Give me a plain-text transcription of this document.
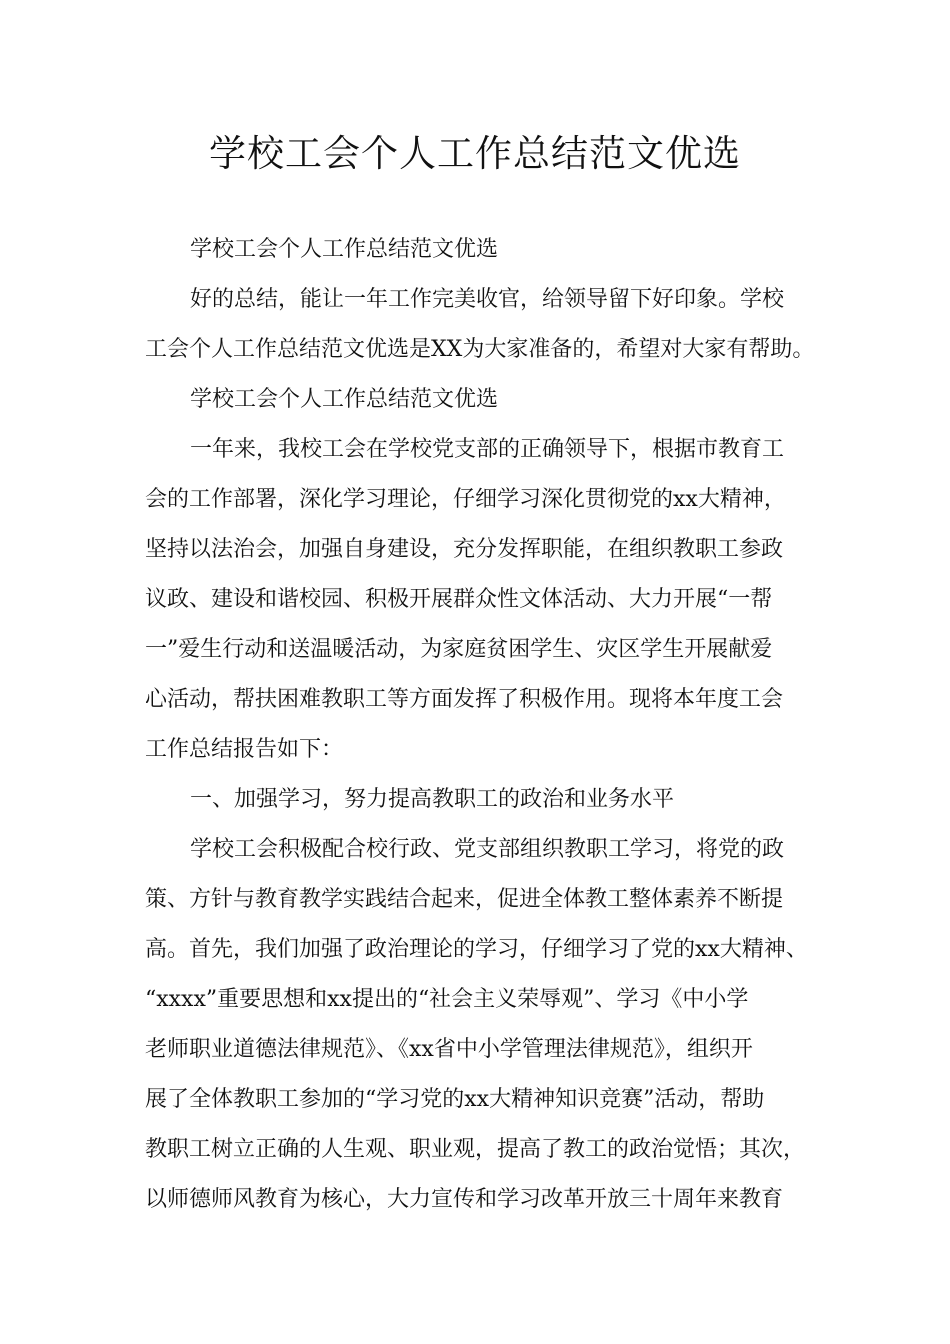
学校工会个人工作总结范文优选
学校工会个人工作总结范文优选
好的总结，能让一年工作完美收官，给领导留下好印象。学校
工会个人工作总结范文优选是XX为大家准备的，希望对大家有帮助。
学校工会个人工作总结范文优选
一年来，我校工会在学校党支部的正确领导下，根据市教育工
会的工作部署，深化学习理论，仔细学习深化贯彻党的xx大精神，
坚持以法治会，加强自身建设，充分发挥职能，在组织教职工参政
议政、建设和谐校园、积极开展群众性文体活动、大力开展“一帮
一”爱生行动和送温暖活动，为家庭贫困学生、灾区学生开展献爱
心活动，帮扶困难教职工等方面发挥了积极作用。现将本年度工会
工作总结报告如下：
一、加强学习，努力提高教职工的政治和业务水平
学校工会积极配合校行政、党支部组织教职工学习，将党的政
策、方针与教育教学实践结合起来，促进全体教工整体素养不断提
高。首先，我们加强了政治理论的学习，仔细学习了党的xx大精神、
“xxxx”重要思想和xx提出的“社会主义荣辱观”、学习《中小学
老师职业道德法律规范》、《xx省中小学管理法律规范》，组织开
展了全体教职工参加的“学习党的xx大精神知识竞赛”活动，帮助
教职工树立正确的人生观、职业观，提高了教工的政治觉悟；其次，
以师德师风教育为核心，大力宣传和学习改革开放三十周年来教育
